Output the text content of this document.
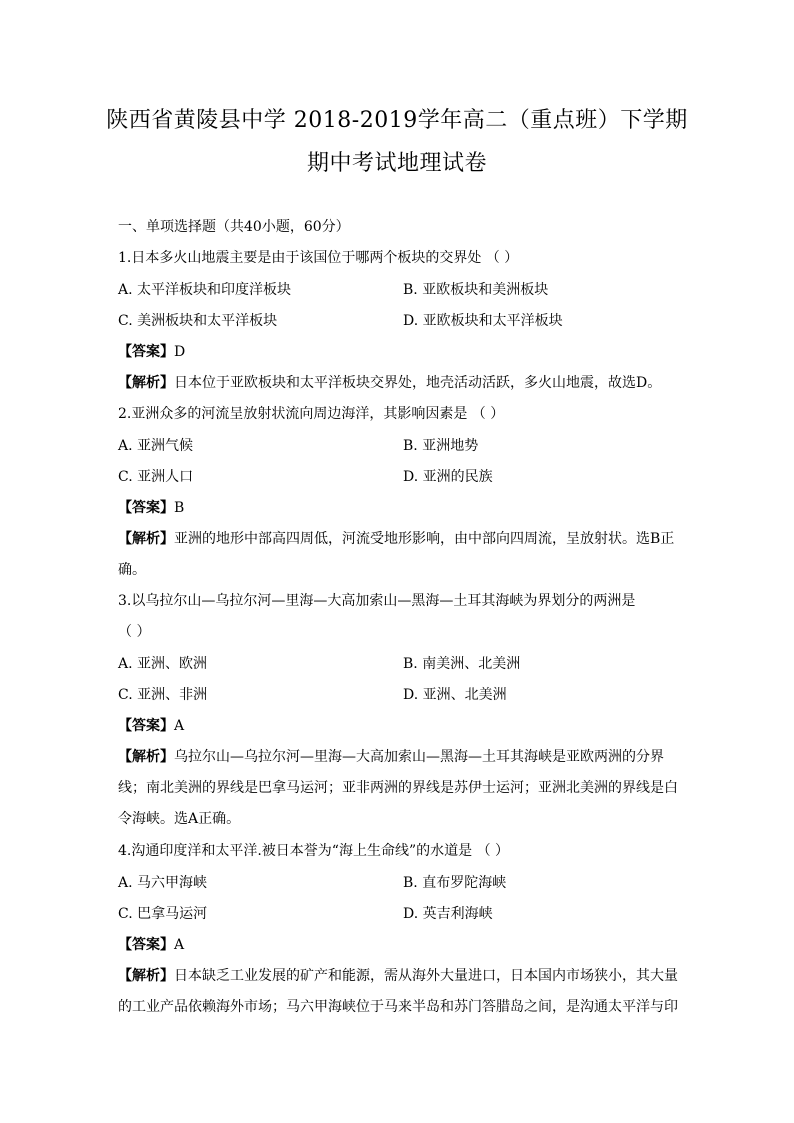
陕西省黄陵县中学 2018-2019学年高二（重点班）下学期
期中考试地理试卷
一、单项选择题（共40小题，60分）
1.日本多火山地震主要是由于该国位于哪两个板块的交界处 （ ）
A. 太平洋板块和印度洋板块	B. 亚欧板块和美洲板块
C. 美洲板块和太平洋板块	D. 亚欧板块和太平洋板块
【答案】D
【解析】日本位于亚欧板块和太平洋板块交界处，地壳活动活跃，多火山地震，故选D。
2.亚洲众多的河流呈放射状流向周边海洋，其影响因素是 （ ）
A. 亚洲气候	B. 亚洲地势
C. 亚洲人口	D. 亚洲的民族
【答案】B
【解析】亚洲的地形中部高四周低，河流受地形影响，由中部向四周流，呈放射状。选B正
确。
3.以乌拉尔山—乌拉尔河—里海—大高加索山—黑海—土耳其海峡为界划分的两洲是
（ ）
A. 亚洲、欧洲	B. 南美洲、北美洲
C. 亚洲、非洲	D. 亚洲、北美洲
【答案】A
【解析】乌拉尔山—乌拉尔河—里海—大高加索山—黑海—土耳其海峡是亚欧两洲的分界
线；南北美洲的界线是巴拿马运河；亚非两洲的界线是苏伊士运河；亚洲北美洲的界线是白
令海峡。选A正确。
4.沟通印度洋和太平洋.被日本誉为“海上生命线”的水道是 （ ）
A. 马六甲海峡	B. 直布罗陀海峡
C. 巴拿马运河	D. 英吉利海峡
【答案】A
【解析】日本缺乏工业发展的矿产和能源，需从海外大量进口，日本国内市场狭小，其大量
的工业产品依赖海外市场；马六甲海峡位于马来半岛和苏门答腊岛之间，是沟通太平洋与印
